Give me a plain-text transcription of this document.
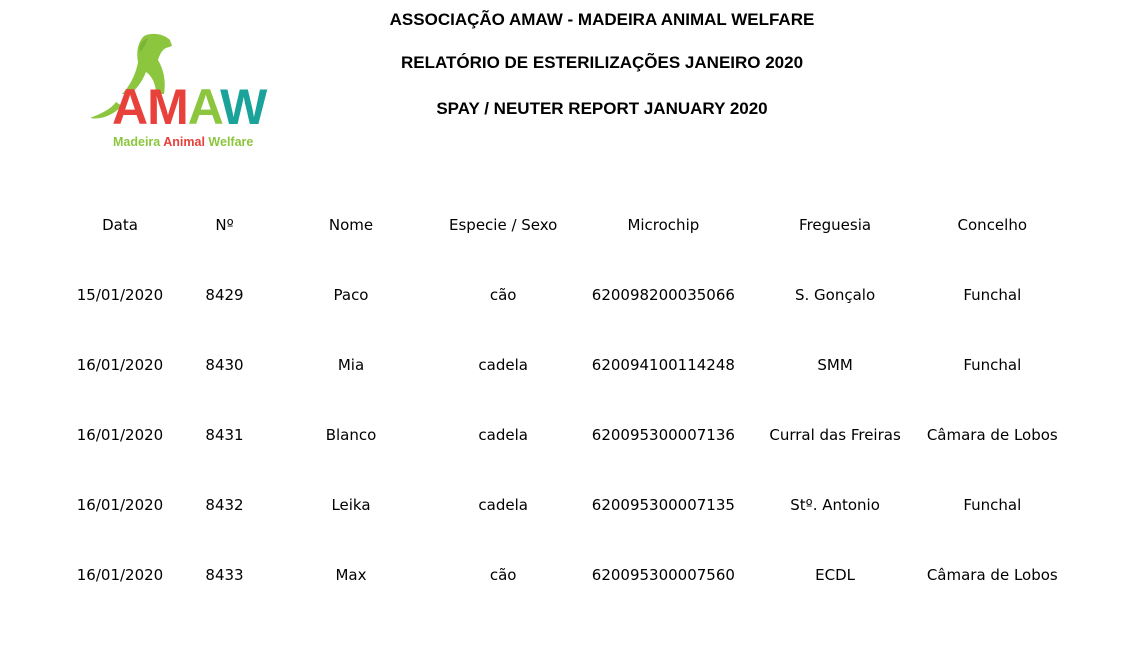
AMAW
Madeira Animal Welfare
ASSOCIAÇÃO AMAW - MADEIRA ANIMAL WELFARE
RELATÓRIO DE ESTERILIZAÇÕES JANEIRO 2020
SPAY / NEUTER REPORT JANUARY 2020
Data	Nº	Nome	Especie / Sexo	Microchip	Freguesia	Concelho
15/01/2020	8429	Paco	cão	620098200035066	S. Gonçalo	Funchal
16/01/2020	8430	Mia	cadela	620094100114248	SMM	Funchal
16/01/2020	8431	Blanco	cadela	620095300007136	Curral das Freiras	Câmara de Lobos
16/01/2020	8432	Leika	cadela	620095300007135	Stº. Antonio	Funchal
16/01/2020	8433	Max	cão	620095300007560	ECDL	Câmara de Lobos
